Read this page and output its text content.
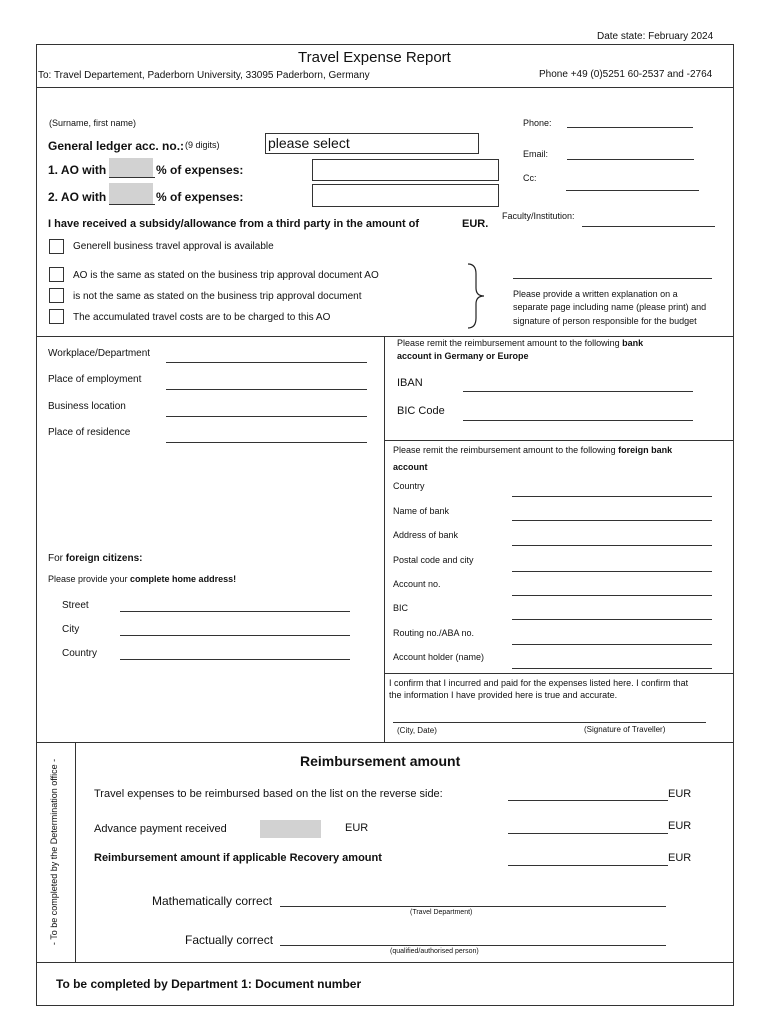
Date state: February 2024
Travel Expense Report
To: Travel Departement, Paderborn University, 33095 Paderborn, Germany	Phone +49 (0)5251 60-2537 and -2764
(Surname, first name)
General ledger acc. no.: (9 digits)	please select
1. AO with	% of expenses:
2. AO with	% of expenses:
I have received a subsidy/allowance from a third party in the amount of	EUR.
Generell business travel approval is available
AO is the same as stated on the business trip approval document AO
is not the same as stated on the business trip approval document
The accumulated travel costs are to be charged to this AO
Phone:
Email:
Cc:
Faculty/Institution:
Please provide a written explanation on a
separate page including name (please print) and
signature of person responsible for the budget
Workplace/Department
Place of employment
Business location
Place of residence
For foreign citizens:
Please provide your complete home address!
Street
City
Country
Please remit the reimbursement amount to the following bank
account in Germany or Europe
IBAN
BIC Code
Please remit the reimbursement amount to the following foreign bank
account
Country
Name of bank
Address of bank
Postal code and city
Account no.
BIC
Routing no./ABA no.
Account holder (name)
I confirm that I incurred and paid for the expenses listed here. I confirm that
the information I have provided here is true and accurate.
(City, Date)	(Signature of Traveller)
- To be completed by the Determination office -	Reimbursement amount
Travel expenses to be reimbursed based on the list on the reverse side:	EUR
Advance payment received	EUR	EUR
Reimbursement amount if applicable Recovery amount	EUR
Mathematically correct
(Travel Department)
Factually correct
(qualified/authorised person)
To be completed by Department 1: Document number
